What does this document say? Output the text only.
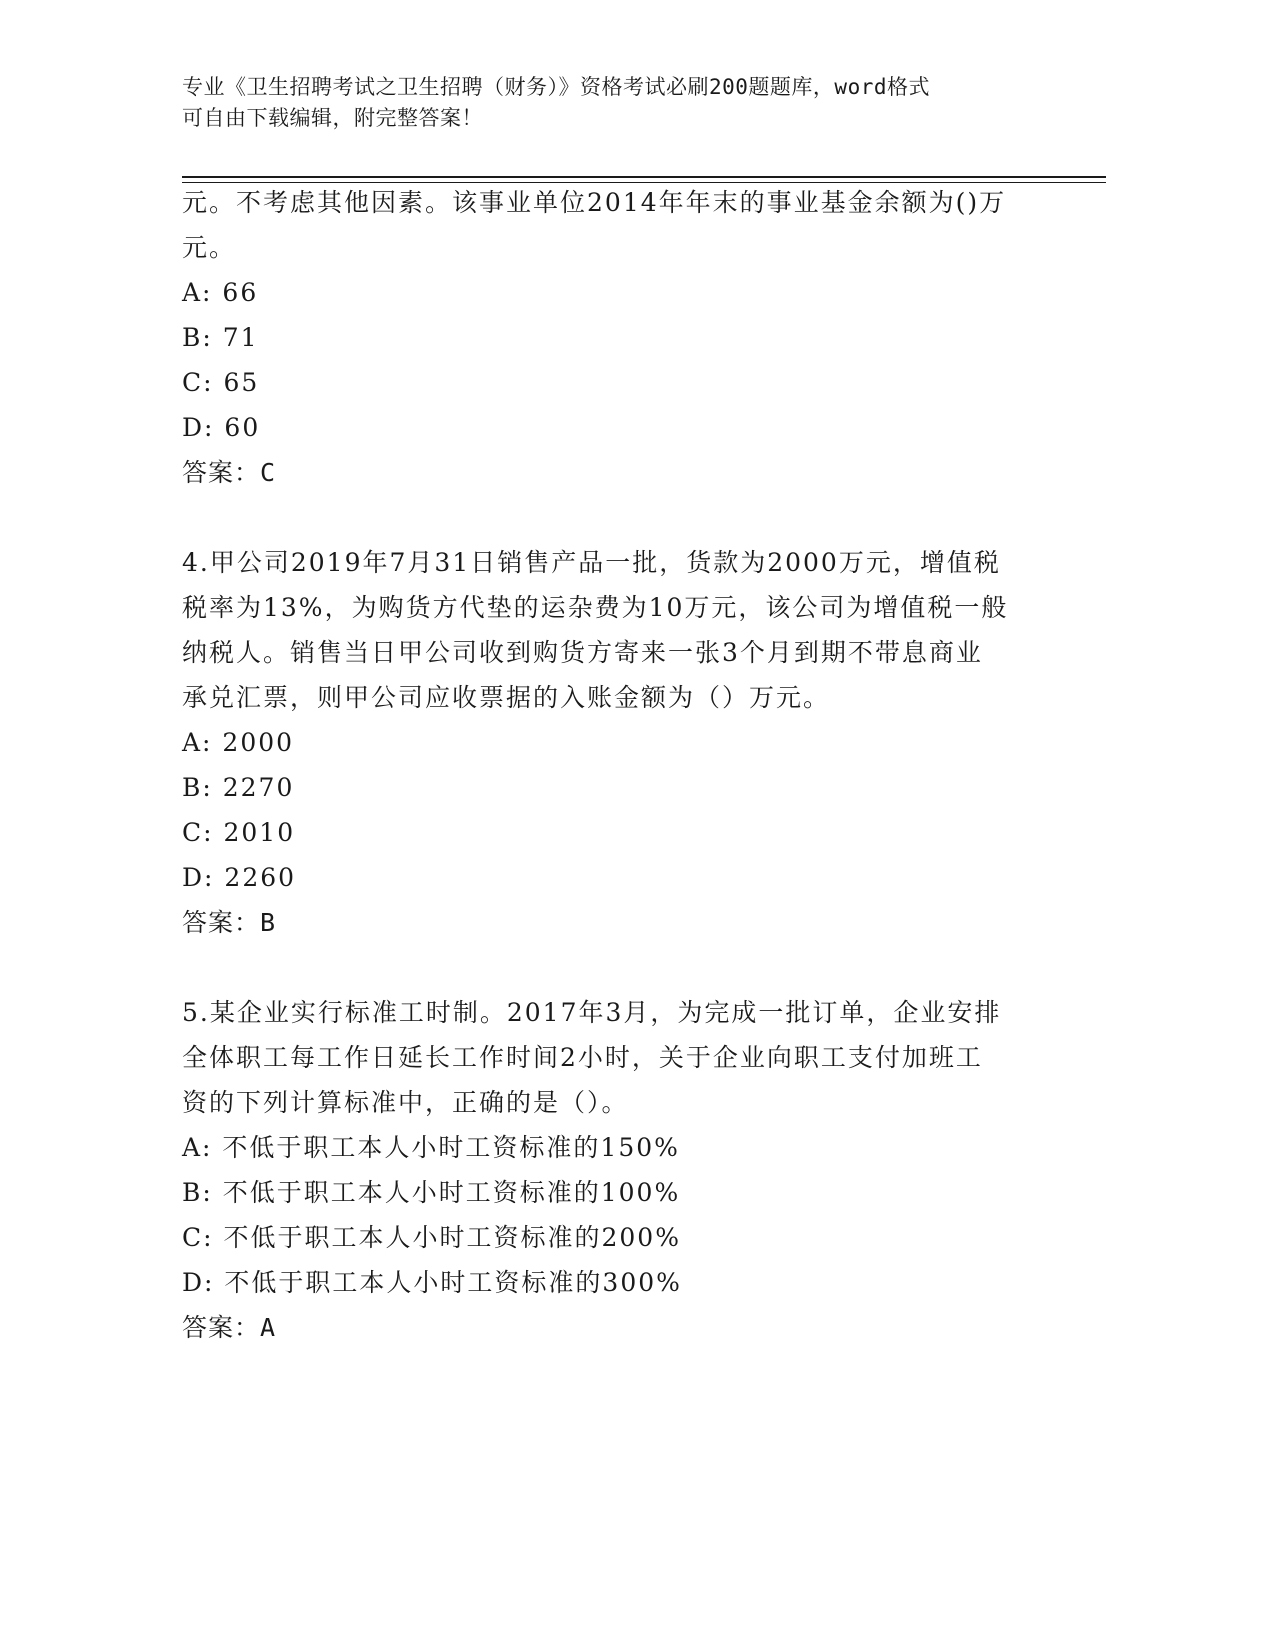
专业《卫生招聘考试之卫生招聘（财务）》资格考试必刷200题题库，word格式
可自由下载编辑，附完整答案！

元。不考虑其他因素。该事业单位2014年年末的事业基金余额为()万

元。

A: 66

B: 71

C: 65

D: 60

答案：C

4.甲公司2019年7月31日销售产品一批，货款为2000万元，增值税

税率为13%，为购货方代垫的运杂费为10万元，该公司为增值税一般

纳税人。销售当日甲公司收到购货方寄来一张3个月到期不带息商业

承兑汇票，则甲公司应收票据的入账金额为（）万元。

A: 2000

B: 2270

C: 2010

D: 2260

答案：B

5.某企业实行标准工时制。2017年3月，为完成一批订单，企业安排

全体职工每工作日延长工作时间2小时，关于企业向职工支付加班工

资的下列计算标准中，正确的是（）。

A: 不低于职工本人小时工资标准的150%

B: 不低于职工本人小时工资标准的100%

C: 不低于职工本人小时工资标准的200%

D: 不低于职工本人小时工资标准的300%

答案：A
